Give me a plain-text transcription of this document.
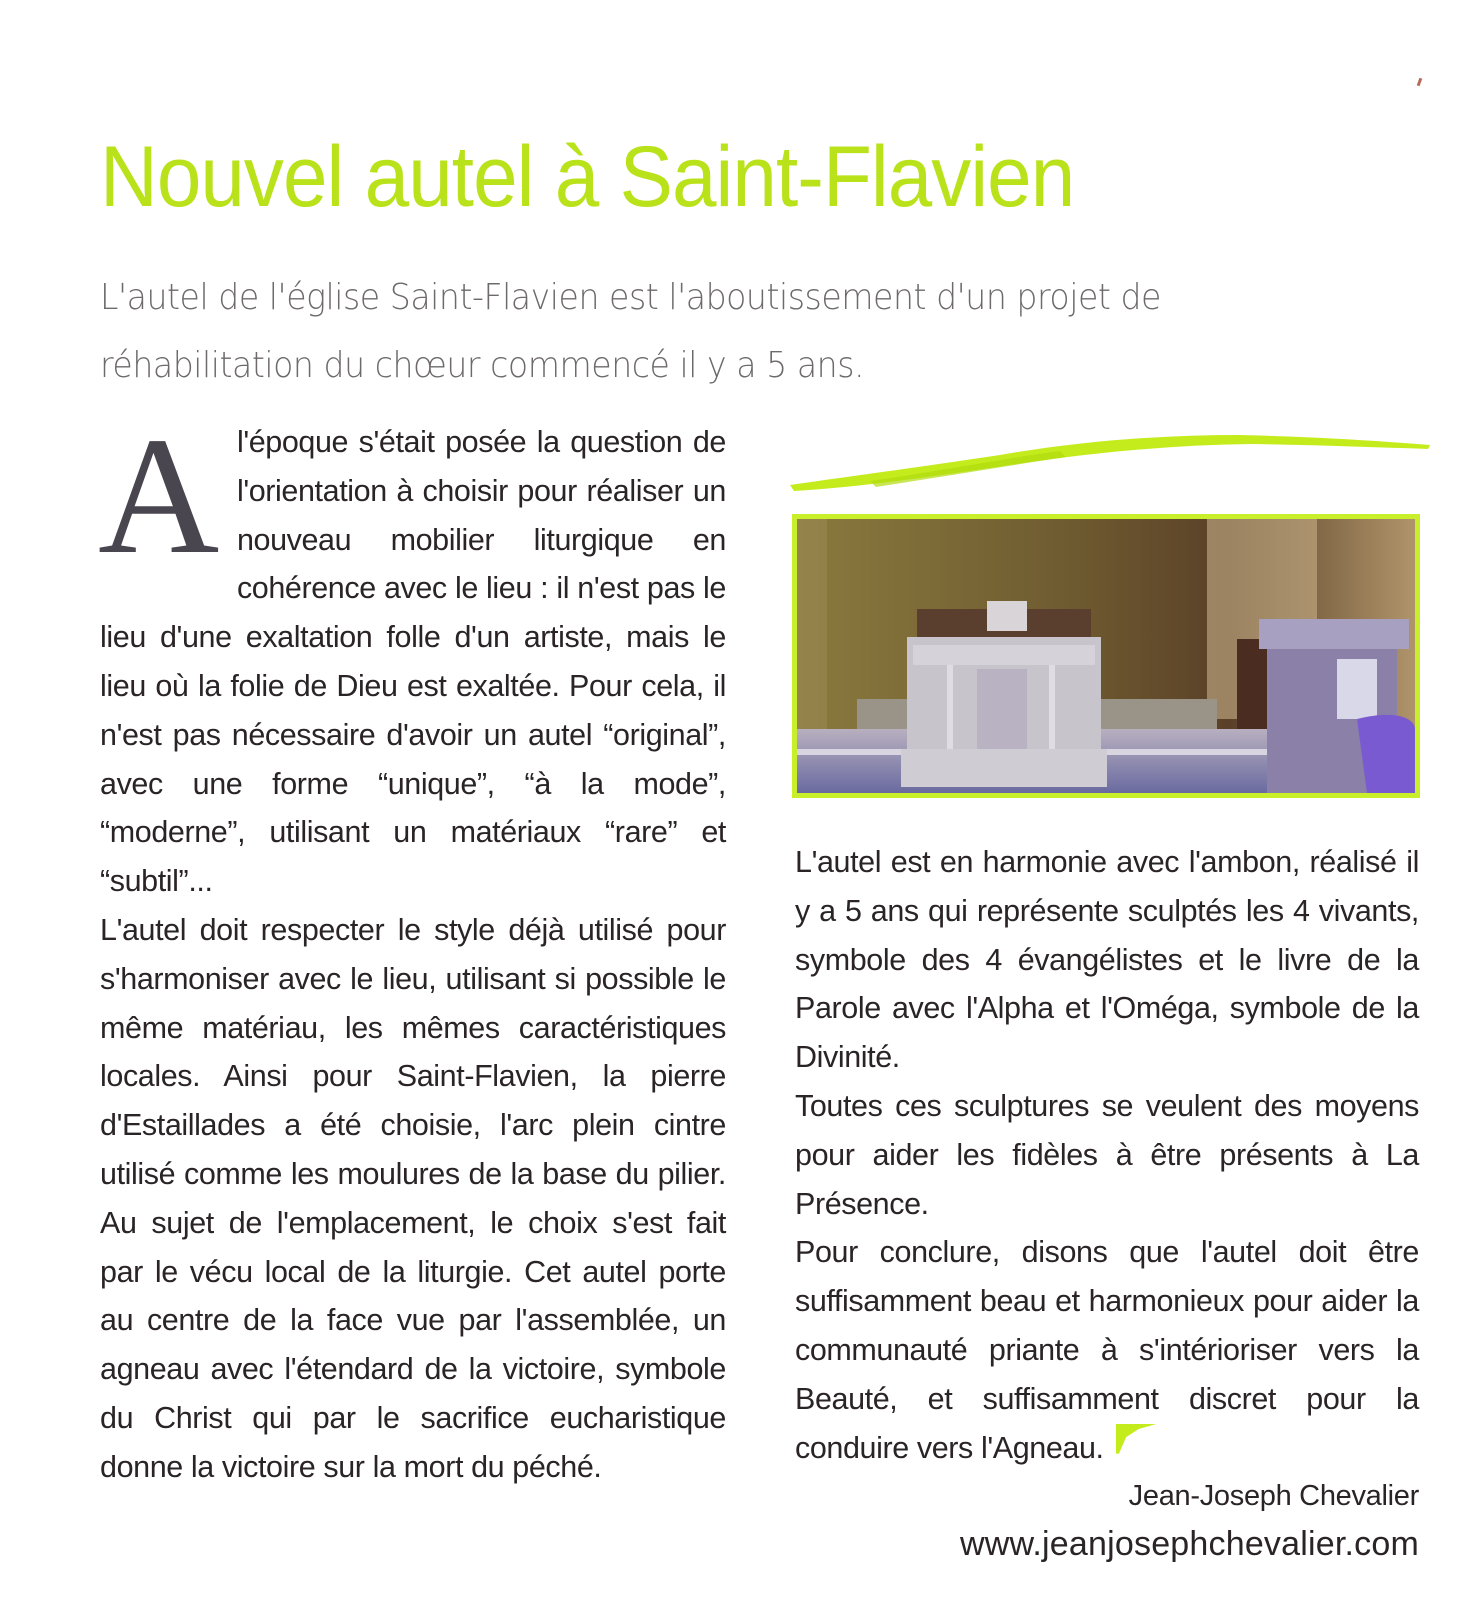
Nouvel autel à Saint-Flavien

L'autel de l'église Saint-Flavien est l'aboutissement d'un projet de réhabilitation du chœur commencé il y a 5 ans.

Al'époque s'était posée la question de l'orientation à choisir pour réaliser un nouveau mobilier liturgique en cohérence avec le lieu : il n'est pas le lieu d'une exaltation folle d'un artiste, mais le lieu où la folie de Dieu est exaltée. Pour cela, il n'est pas nécessaire d'avoir un autel “original”, avec une forme “unique”, “à la mode”, “moderne”, utilisant un matériaux “rare” et “subtil”...

L'autel doit respecter le style déjà utilisé pour s'harmoniser avec le lieu, utilisant si possible le même matériau, les mêmes caractéristiques locales. Ainsi pour Saint-Flavien, la pierre d'Estaillades a été choisie, l'arc plein cintre utilisé comme les moulures de la base du pilier. Au sujet de l'emplacement, le choix s'est fait par le vécu local de la liturgie. Cet autel porte au centre de la face vue par l'assemblée, un agneau avec l'étendard de la victoire, symbole du Christ qui par le sacrifice eucharistique donne la victoire sur la mort du péché.

L'autel est en harmonie avec l'ambon, réalisé il y a 5 ans qui représente sculptés les 4 vivants, symbole des 4 évangélistes et le livre de la Parole avec l'Alpha et l'Oméga, symbole de la Divinité.

Toutes ces sculptures se veulent des moyens pour aider les fidèles à être présents à La Présence.

Pour conclure, disons que l'autel doit être suffisamment beau et harmonieux pour aider la communauté priante à s'intérioriser vers la Beauté, et suffisamment discret pour la conduire vers l'Agneau.

Jean-Joseph Chevalier
www.jeanjosephchevalier.com
